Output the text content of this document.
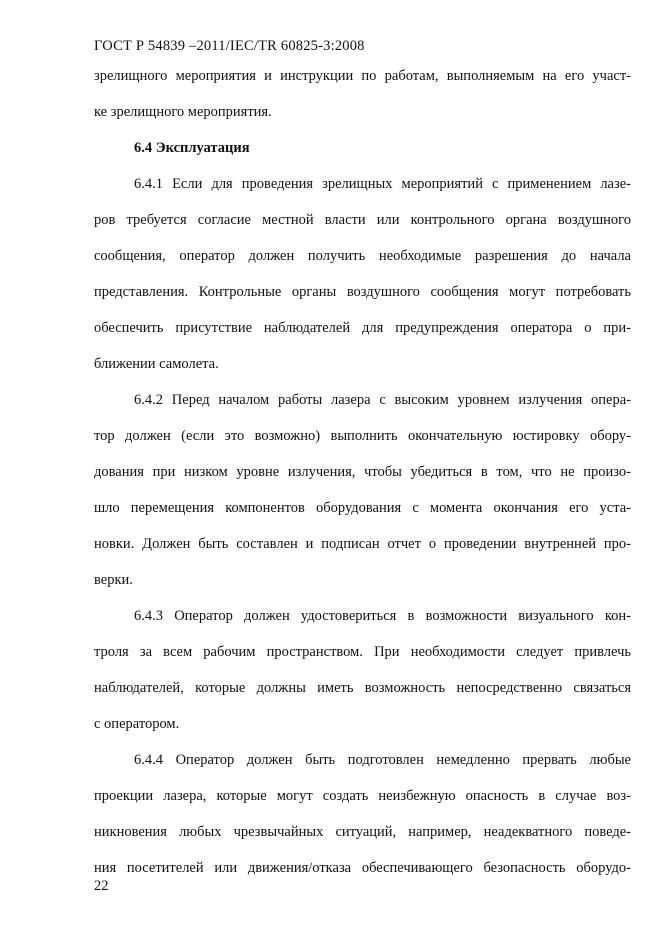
ГОСТ Р 54839 –2011/IEC/TR 60825-3:2008
зрелищного мероприятия и инструкции по работам, выполняемым на его участ-
ке зрелищного мероприятия.
6.4 Эксплуатация
6.4.1 Если для проведения зрелищных мероприятий с применением лазе-
ров требуется согласие местной власти или контрольного органа воздушного
сообщения, оператор должен получить необходимые разрешения до начала
представления. Контрольные органы воздушного сообщения могут потребовать
обеспечить присутствие наблюдателей для предупреждения оператора о при-
ближении самолета.
6.4.2 Перед началом работы лазера с высоким уровнем излучения опера-
тор должен (если это возможно) выполнить окончательную юстировку обору-
дования при низком уровне излучения, чтобы убедиться в том, что не произо-
шло перемещения компонентов оборудования с момента окончания его уста-
новки. Должен быть составлен и подписан отчет о проведении внутренней про-
верки.
6.4.3 Оператор должен удостовериться в возможности визуального кон-
троля за всем рабочим пространством. При необходимости следует привлечь
наблюдателей, которые должны иметь возможность непосредственно связаться
с оператором.
6.4.4 Оператор должен быть подготовлен немедленно прервать любые
проекции лазера, которые могут создать неизбежную опасность в случае воз-
никновения любых чрезвычайных ситуаций, например, неадекватного поведе-
ния посетителей или движения/отказа обеспечивающего безопасность оборудо-
22
